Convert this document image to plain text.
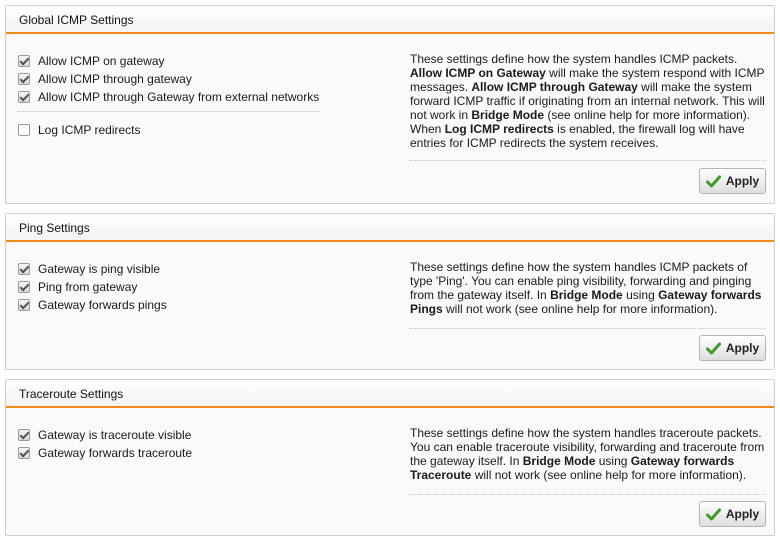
Global ICMP Settings
Allow ICMP on gateway
Allow ICMP through gateway
Allow ICMP through Gateway from external networks
Log ICMP redirects
These settings define how the system handles ICMP packets. Allow ICMP on Gateway will make the system respond with ICMP messages. Allow ICMP through Gateway will make the system forward ICMP traffic if originating from an internal network. This will not work in Bridge Mode (see online help for more information). When Log ICMP redirects is enabled, the firewall log will have entries for ICMP redirects the system receives.
Apply
Ping Settings
Gateway is ping visible
Ping from gateway
Gateway forwards pings
These settings define how the system handles ICMP packets of type 'Ping'. You can enable ping visibility, forwarding and pinging from the gateway itself. In Bridge Mode using Gateway forwards Pings will not work (see online help for more information).
Apply
Traceroute Settings
Gateway is traceroute visible
Gateway forwards traceroute
These settings define how the system handles traceroute packets. You can enable traceroute visibility, forwarding and traceroute from the gateway itself. In Bridge Mode using Gateway forwards Traceroute will not work (see online help for more information).
Apply
